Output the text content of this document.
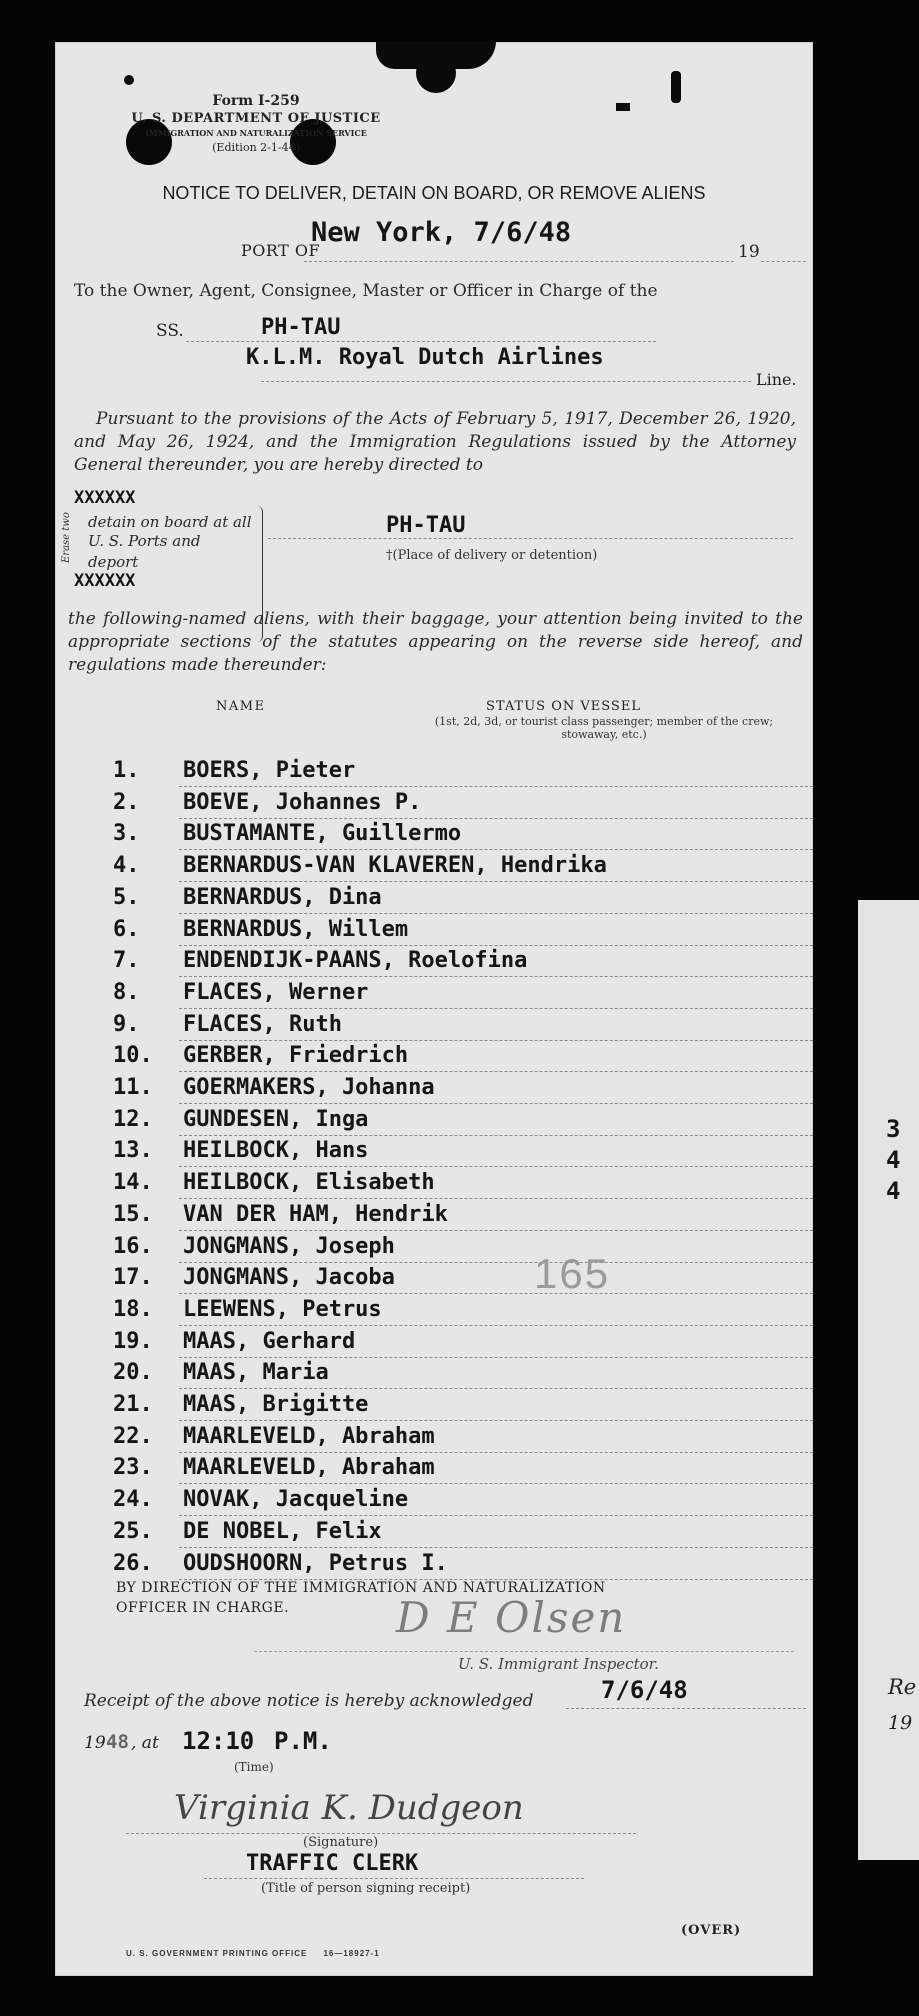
3
4
4
Re
19
Form I-259
U. S. DEPARTMENT OF JUSTICE
IMMIGRATION AND NATURALIZATION SERVICE
(Edition 2-1-44)
NOTICE TO DELIVER, DETAIN ON BOARD, OR REMOVE ALIENS
PORT OF
New York, 7/6/48
19
To the Owner, Agent, Consignee, Master or Officer in Charge of the
SS.	PH-TAU
K.L.M. Royal Dutch Airlines
Line.
Pursuant to the provisions of the Acts of February 5, 1917, December 26, 1920, and May 26, 1924, and the Immigration Regulations issued by the Attorney General thereunder, you are hereby directed to
XXXXXX
Erase two detain on board at all U. S. Ports and
deport
XXXXXX
PH-TAU
†(Place of delivery or detention)
the following-named aliens, with their baggage, your attention being invited to the appropriate sections of the statutes appearing on the reverse side hereof, and regulations made thereunder:
NAME	STATUS ON VESSEL
(1st, 2d, 3d, or tourist class passenger; member of the crew; stowaway, etc.)
1. BOERS, Pieter
2. BOEVE, Johannes P.
3. BUSTAMANTE, Guillermo
4. BERNARDUS-VAN KLAVEREN, Hendrika
5. BERNARDUS, Dina
6. BERNARDUS, Willem
7. ENDENDIJK-PAANS, Roelofina
8. FLACES, Werner
9. FLACES, Ruth
10. GERBER, Friedrich
11. GOERMAKERS, Johanna
12. GUNDESEN, Inga
13. HEILBOCK, Hans
14. HEILBOCK, Elisabeth
15. VAN DER HAM, Hendrik
16. JONGMANS, Joseph
17. JONGMANS, Jacoba
18. LEEWENS, Petrus
19. MAAS, Gerhard
20. MAAS, Maria
21. MAAS, Brigitte
22. MAARLEVELD, Abraham
23. MAARLEVELD, Abraham
24. NOVAK, Jacqueline
25. DE NOBEL, Felix
26. OUDSHOORN, Petrus I.
165
BY DIRECTION OF THE IMMIGRATION AND NATURALIZATION OFFICER IN CHARGE.	D E Olsen
U. S. Immigrant Inspector.
Receipt of the above notice is hereby acknowledged	7/6/48
19 48 , at 12:10 P.M.
(Time)
Virginia K. Dudgeon
(Signature)
TRAFFIC CLERK
(Title of person signing receipt)
(OVER)
U. S. GOVERNMENT PRINTING OFFICE     16—18927-1
